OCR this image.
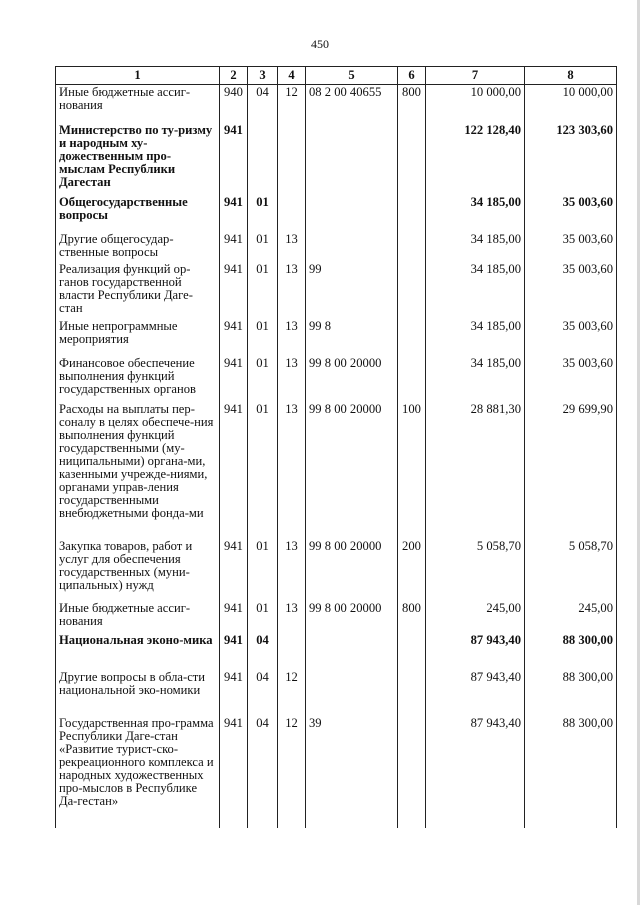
450
1	2	3	4	5	6	7	8
Иные бюджетные ассиг-нования	940	04	12	08 2 00 40655	800	10 000,00	10 000,00
Министерство по ту-ризму и народным ху-дожественным про-мыслам Республики Дагестан	941					122 128,40	123 303,60
Общегосударственные вопросы	941	01				34 185,00	35 003,60
Другие общегосудар-ственные вопросы	941	01	13			34 185,00	35 003,60
Реализация функций ор-ганов государственной власти Республики Даге-стан	941	01	13	99		34 185,00	35 003,60
Иные непрограммные мероприятия	941	01	13	99 8		34 185,00	35 003,60
Финансовое обеспечение выполнения функций государственных органов	941	01	13	99 8 00 20000		34 185,00	35 003,60
Расходы на выплаты пер-соналу в целях обеспече-ния выполнения функций государственными (му-ниципальными) органа-ми, казенными учрежде-ниями, органами управ-ления государственными внебюджетными фонда-ми	941	01	13	99 8 00 20000	100	28 881,30	29 699,90
Закупка товаров, работ и услуг для обеспечения государственных (муни-ципальных) нужд	941	01	13	99 8 00 20000	200	5 058,70	5 058,70
Иные бюджетные ассиг-нования	941	01	13	99 8 00 20000	800	245,00	245,00
Национальная эконо-мика	941	04				87 943,40	88 300,00
Другие вопросы в обла-сти национальной эко-номики	941	04	12			87 943,40	88 300,00
Государственная про-грамма Республики Даге-стан «Развитие турист-ско-рекреационного комплекса и народных художественных про-мыслов в Республике Да-гестан»	941	04	12	39		87 943,40	88 300,00
